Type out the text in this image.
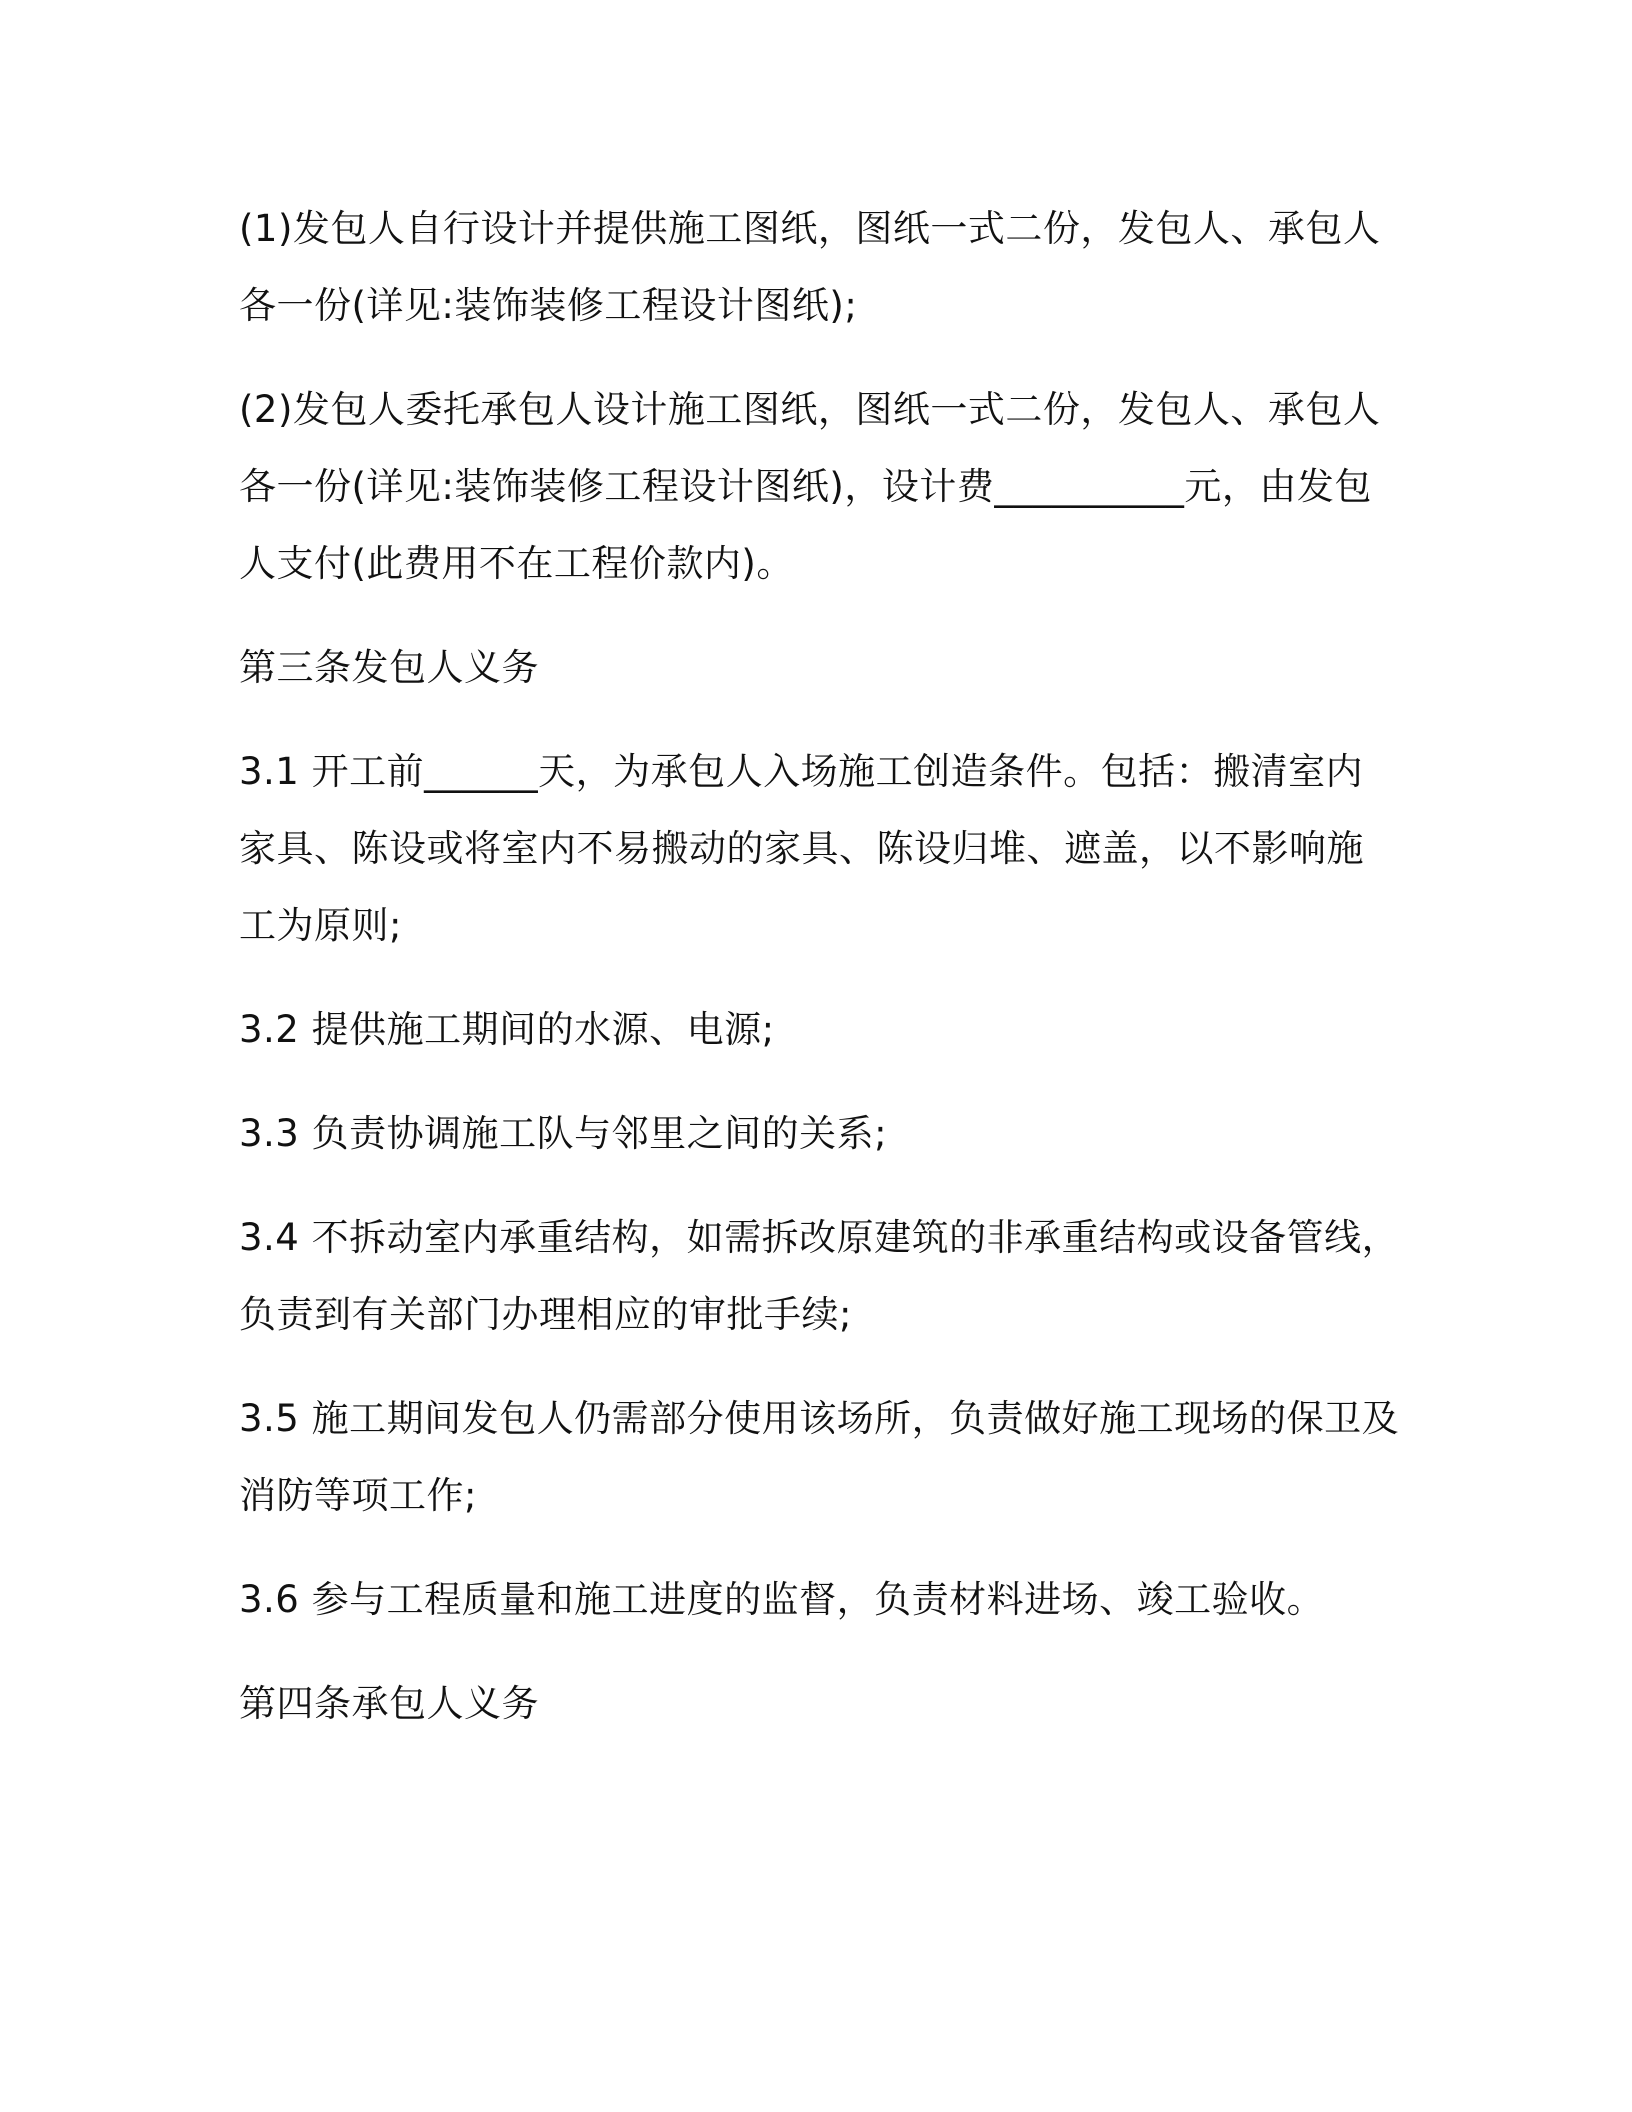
(1)发包人自行设计并提供施工图纸，图纸一式二份，发包人、承包人
各一份(详见:装饰装修工程设计图纸);

(2)发包人委托承包人设计施工图纸，图纸一式二份，发包人、承包人
各一份(详见:装饰装修工程设计图纸)，设计费__________元，由发包
人支付(此费用不在工程价款内)。

第三条发包人义务

3.1 开工前______天，为承包人入场施工创造条件。包括：搬清室内
家具、陈设或将室内不易搬动的家具、陈设归堆、遮盖，以不影响施
工为原则;

3.2 提供施工期间的水源、电源;

3.3 负责协调施工队与邻里之间的关系;

3.4 不拆动室内承重结构，如需拆改原建筑的非承重结构或设备管线，
负责到有关部门办理相应的审批手续;

3.5 施工期间发包人仍需部分使用该场所，负责做好施工现场的保卫及
消防等项工作;

3.6 参与工程质量和施工进度的监督，负责材料进场、竣工验收。

第四条承包人义务
